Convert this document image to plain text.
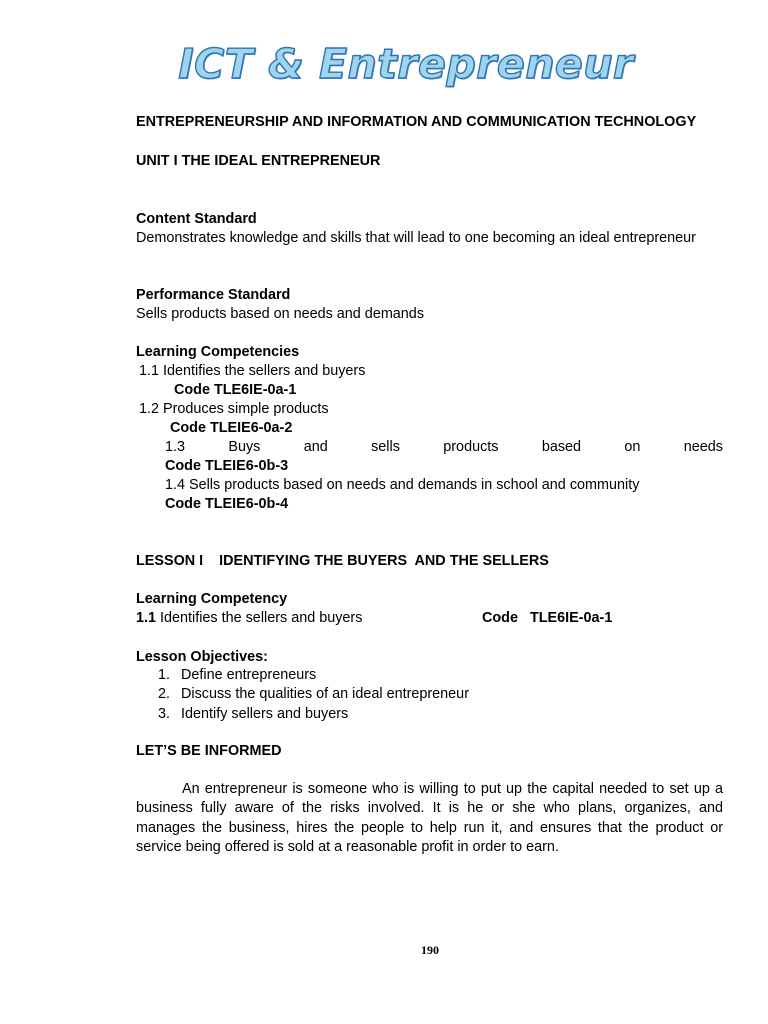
ICT & Entrepreneur
ENTREPRENEURSHIP AND INFORMATION AND COMMUNICATION TECHNOLOGY
UNIT I THE IDEAL ENTREPRENEUR
Content Standard
Demonstrates knowledge and skills that will lead to one becoming an ideal entrepreneur
Performance Standard
Sells products based on needs and demands
Learning Competencies
1.1 Identifies the sellers and buyers
Code TLE6IE-0a-1
1.2 Produces simple products
Code TLEIE6-0a-2
1.3	Buys	and	sells	products	based	on	needs
Code TLEIE6-0b-3
1.4 Sells products based on needs and demands in school and community
Code TLEIE6-0b-4
LESSON I    IDENTIFYING THE BUYERS  AND THE SELLERS
Learning Competency
1.1 Identifies the sellers and buyers	Code   TLE6IE-0a-1
Lesson Objectives:
1. Define entrepreneurs
2. Discuss the qualities of an ideal entrepreneur
3. Identify sellers and buyers
LET’S BE INFORMED
An entrepreneur is someone who is willing to put up the capital needed to set up a business fully aware of the risks involved. It is he or she who plans, organizes, and manages the business, hires the people to help run it, and ensures that the product or service being offered is sold at a reasonable profit in order to earn.
190
